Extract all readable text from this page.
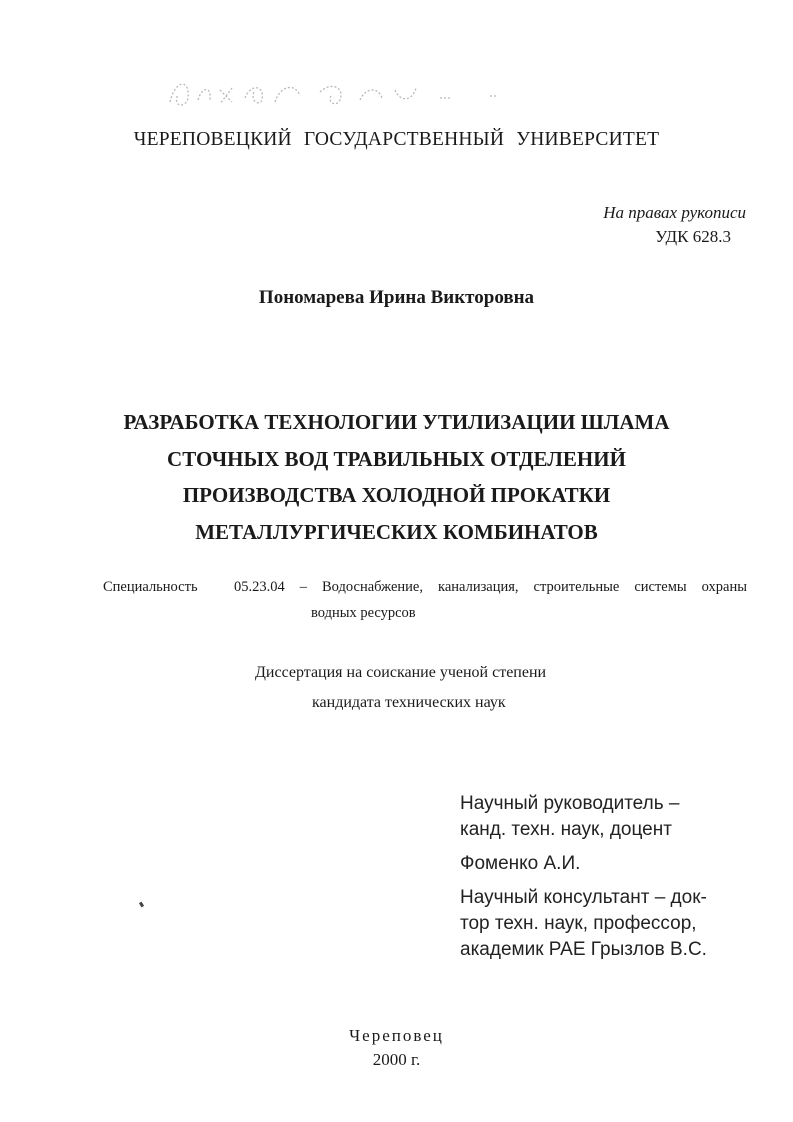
ЧЕРЕПОВЕЦКИЙ ГОСУДАРСТВЕННЫЙ УНИВЕРСИТЕТ
На правах рукописи
УДК 628.3
Пономарева Ирина Викторовна
РАЗРАБОТКА ТЕХНОЛОГИИ УТИЛИЗАЦИИ ШЛАМА
СТОЧНЫХ ВОД ТРАВИЛЬНЫХ ОТДЕЛЕНИЙ
ПРОИЗВОДСТВА ХОЛОДНОЙ ПРОКАТКИ
МЕТАЛЛУРГИЧЕСКИХ КОМБИНАТОВ
Специальность	05.23.04 – Водоснабжение, канализация, строительные системы охраны
водных ресурсов
Диссертация на соискание ученой степени
кандидата технических наук
Научный руководитель –
канд. техн. наук, доцент
Фоменко А.И.
Научный консультант – док-
тор техн. наук, профессор,
академик РАЕ Грызлов В.С.
Череповец
2000 г.
